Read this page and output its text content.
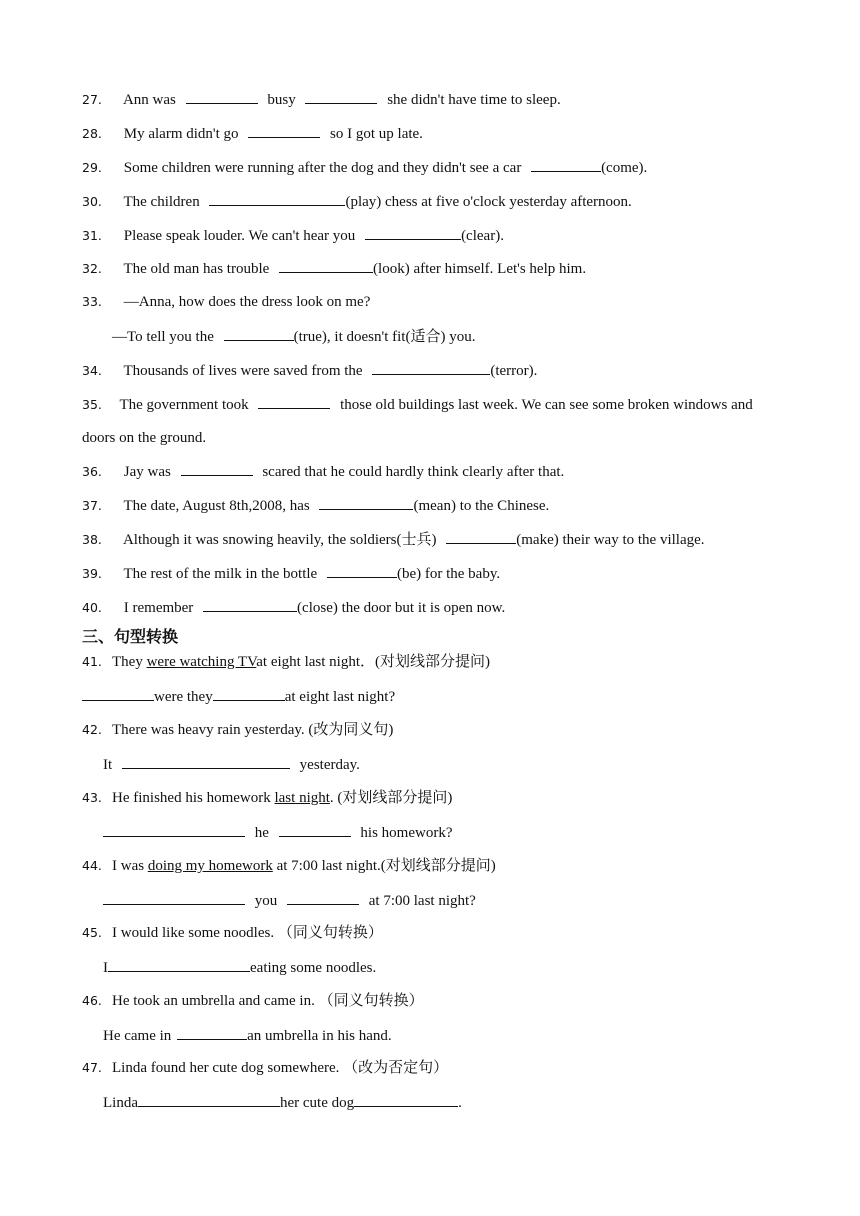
27. Ann was	busy	she didn't have time to sleep.
28. My alarm didn't go	so I got up late.
29. Some children were running after the dog and they didn't see a car	(come).
30. The children	(play) chess at five o'clock yesterday afternoon.
31. Please speak louder. We can't hear you	(clear).
32. The old man has trouble	(look) after himself. Let's help him.
33. —Anna, how does the dress look on me?
—To tell you the	(true), it doesn't fit(适合) you.
34. Thousands of lives were saved from the	(terror).
35. The government took	those old buildings last week. We can see some broken windows and
doors on the ground.
36. Jay was	scared that he could hardly think clearly after that.
37. The date, August 8th,2008, has	(mean) to the Chinese.
38. Although it was snowing heavily, the soldiers(士兵)	(make) their way to the village.
39. The rest of the milk in the bottle	(be) for the baby.
40. I remember	(close) the door but it is open now.
三、句型转换
41. They were watching TVat eight last night．(对划线部分提问)
were they	at eight last night?
42. There was heavy rain yesterday. (改为同义句)
It	yesterday.
43. He finished his homework last night. (对划线部分提问)
he	his homework?
44. I was doing my homework at 7:00 last night.(对划线部分提问)
you	at 7:00 last night?
45. I would like some noodles. （同义句转换）
I	eating some noodles.
46. He took an umbrella and came in. （同义句转换）
He came in	an umbrella in his hand.
47. Linda found her cute dog somewhere. （改为否定句）
Linda	her cute dog	.
